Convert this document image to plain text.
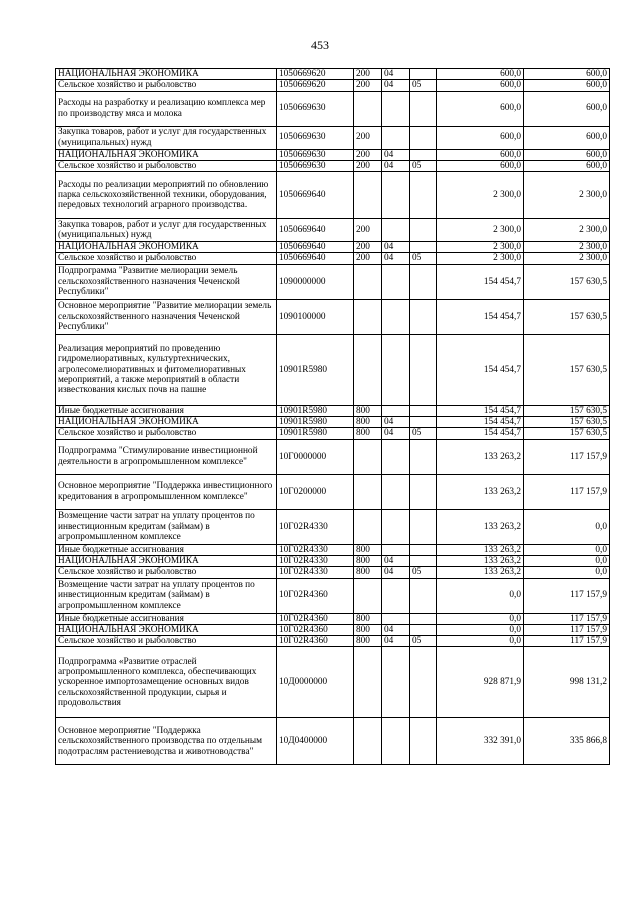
453
НАЦИОНАЛЬНАЯ ЭКОНОМИКА	1050669620	200	04		600,0	600,0
Сельское хозяйство и рыболовство	1050669620	200	04	05	600,0	600,0
Расходы на разработку и реализацию комплекса мер по производству мяса и молока	1050669630				600,0	600,0
Закупка товаров, работ и услуг для государственных (муниципальных) нужд	1050669630	200			600,0	600,0
НАЦИОНАЛЬНАЯ ЭКОНОМИКА	1050669630	200	04		600,0	600,0
Сельское хозяйство и рыболовство	1050669630	200	04	05	600,0	600,0
Расходы по реализации мероприятий по обновлению парка сельскохозяйственной техники, оборудования, передовых технологий аграрного производства.	1050669640				2 300,0	2 300,0
Закупка товаров, работ и услуг для государственных (муниципальных) нужд	1050669640	200			2 300,0	2 300,0
НАЦИОНАЛЬНАЯ ЭКОНОМИКА	1050669640	200	04		2 300,0	2 300,0
Сельское хозяйство и рыболовство	1050669640	200	04	05	2 300,0	2 300,0
Подпрограмма "Развитие мелиорации земель сельскохозяйственного назначения Чеченской Республики"	1090000000				154 454,7	157 630,5
Основное мероприятие "Развитие мелиорации земель сельскохозяйственного назначения Чеченской Республики"	1090100000				154 454,7	157 630,5
Реализация мероприятий по проведению гидромелиоративных, культуртехнических, агролесомелиоративных и фитомелиоративных мероприятий, а также мероприятий в области известкования кислых почв на пашне	10901R5980				154 454,7	157 630,5
Иные бюджетные ассигнования	10901R5980	800			154 454,7	157 630,5
НАЦИОНАЛЬНАЯ ЭКОНОМИКА	10901R5980	800	04		154 454,7	157 630,5
Сельское хозяйство и рыболовство	10901R5980	800	04	05	154 454,7	157 630,5
Подпрограмма "Стимулирование инвестиционной деятельности в агропромышленном комплексе"	10Г0000000				133 263,2	117 157,9
Основное мероприятие "Поддержка инвестиционного кредитования в агропромышленном комплексе"	10Г0200000				133 263,2	117 157,9
Возмещение части затрат на уплату процентов по инвестиционным кредитам (займам) в агропромышленном комплексе	10Г02R4330				133 263,2	0,0
Иные бюджетные ассигнования	10Г02R4330	800			133 263,2	0,0
НАЦИОНАЛЬНАЯ ЭКОНОМИКА	10Г02R4330	800	04		133 263,2	0,0
Сельское хозяйство и рыболовство	10Г02R4330	800	04	05	133 263,2	0,0
Возмещение части затрат на уплату процентов по инвестиционным кредитам (займам) в агропромышленном комплексе	10Г02R4360				0,0	117 157,9
Иные бюджетные ассигнования	10Г02R4360	800			0,0	117 157,9
НАЦИОНАЛЬНАЯ ЭКОНОМИКА	10Г02R4360	800	04		0,0	117 157,9
Сельское хозяйство и рыболовство	10Г02R4360	800	04	05	0,0	117 157,9
Подпрограмма «Развитие отраслей агропромышленного комплекса, обеспечивающих ускоренное импортозамещение основных видов сельскохозяйственной продукции, сырья и продовольствия	10Д0000000				928 871,9	998 131,2
Основное мероприятие "Поддержка сельскохозяйственного производства по отдельным подотраслям растениеводства и животноводства"	10Д0400000				332 391,0	335 866,8
